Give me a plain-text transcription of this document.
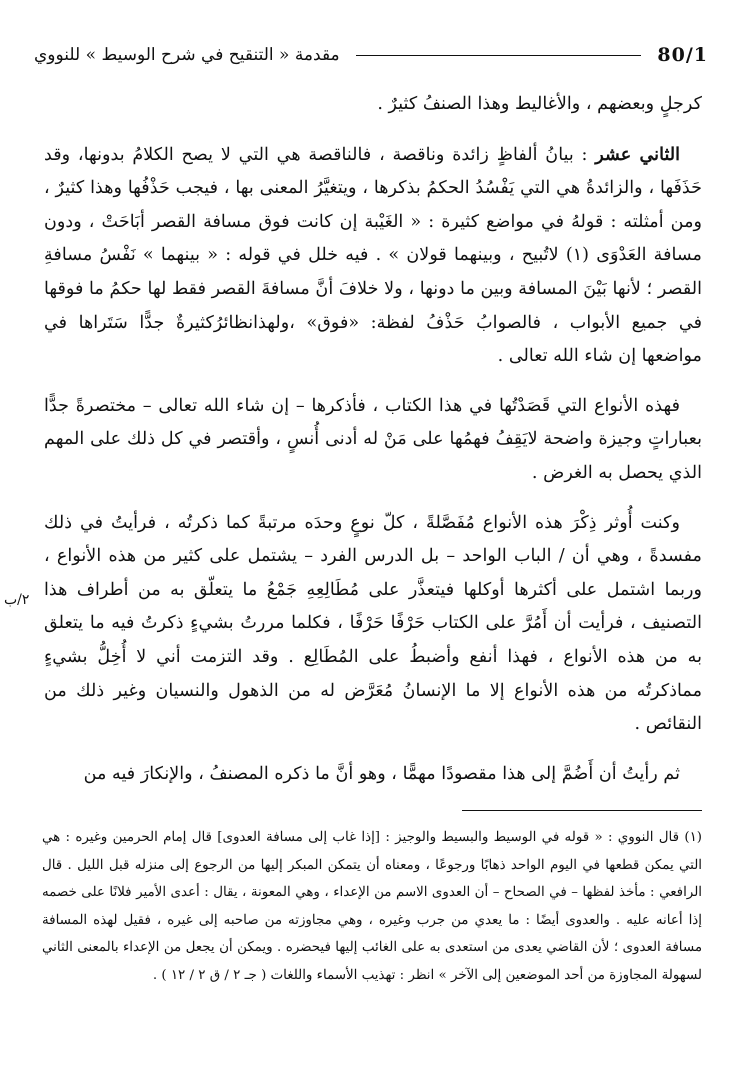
80/1
مقدمة « التنقيح في شرح الوسيط » للنووي

كرجلٍ وبعضهم ، والأغاليط وهذا الصنفُ كثيرٌ .

الثاني عشر : بيانُ ألفاظٍ زائدة وناقصة ، فالناقصة هي التي لا يصح الكلامُ بدونها، وقد حَذَفَها ، والزائدةُ هي التي يَفْسُدُ الحكمُ بذكرها ، ويتغيَّرُ المعنى بها ، فيجب حَذْفُها وهذا كثيرٌ ، ومن أمثلته : قولهُ في مواضع كثيرة : « الغَيْبة إن كانت فوق مسافة القصر أبَاحَتْ ، ودون مسافة العَدْوَى (١) لاتُبيح ، وبينهما قولان » . فيه خلل في قوله : « بينهما » نَفْسُ مسافةِ القصر ؛ لأنها بَيْنَ المسافة وبين ما دونها ، ولا خلافَ أنَّ مسافةَ القصر فقط لها حكمُ ما فوقها في جميع الأبواب ، فالصوابُ حَذْفُ لفظة: «فوق» ،ولهذانظائرُكثيرةٌ جدًّا سَتَراها في مواضعها إن شاء الله تعالى .

فهذه الأنواع التي قَصَدْتُها في هذا الكتاب ، فأذكرها – إن شاء الله تعالى – مختصرةً جدًّا بعباراتٍ وجيزة واضحة لايَقِفُ فهمُها على مَنْ له أدنى أُنسٍ ، وأقتصر في كل ذلك على المهم الذي يحصل به الغرض .

وكنت أُوثر ذِكْرَ هذه الأنواع مُفَصَّلةً ، كلّ نوعٍ وحدَه مرتبةً كما ذكرتُه ، فرأيتُ في ذلك مفسدةً ، وهي أن / الباب الواحد – بل الدرس الفرد – يشتمل على كثير من هذه الأنواع ، وربما اشتمل على أكثرها أوكلها فيتعذَّر على مُطَالِعِهِ جَمْعُ ما يتعلّق به من أطراف هذا التصنيف ، فرأيت أن أَمُرَّ على الكتاب حَرْفًا حَرْفًا ، فكلما مررتُ بشيءٍ ذكرتُ فيه ما يتعلق به من هذه الأنواع ، فهذا أنفع وأضبطُ على المُطَالِع . وقد التزمت أني لا أُخِلُّ بشيءٍ مماذكرتُه من هذه الأنواع إلا ما الإنسانُ مُعَرَّض له من الذهول والنسيان وغير ذلك من النقائص .

ثم رأيتُ أن أَضُمَّ إلى هذا مقصودًا مهمًّا ، وهو أنَّ ما ذكره المصنفُ ، والإنكارَ فيه من

٢/ب

(١) قال النووي : « قوله في الوسيط والبسيط والوجيز : [إذا غاب إلى مسافة العدوى] قال إمام الحرمين وغيره : هي التي يمكن قطعها في اليوم الواحد ذهابًا ورجوعًا ، ومعناه أن يتمكن المبكر إليها من الرجوع إلى منزله قبل الليل . قال الرافعي : مأخذ لفظها – في الصحاح – أن العدوى الاسم من الإعداء ، وهي المعونة ، يقال : أعدى الأمير فلانًا على خصمه إذا أعانه عليه . والعدوى أيضًا : ما يعدي من جرب وغيره ، وهي مجاوزته من صاحبه إلى غيره ، فقيل لهذه المسافة مسافة العدوى ؛ لأن القاضي يعدى من استعدى به على الغائب إليها فيحضره . ويمكن أن يجعل من الإعداء بالمعنى الثاني لسهولة المجاوزة من أحد الموضعين إلى الآخر » انظر : تهذيب الأسماء واللغات ( جـ ٢ / ق ٢ / ١٢ ) .
